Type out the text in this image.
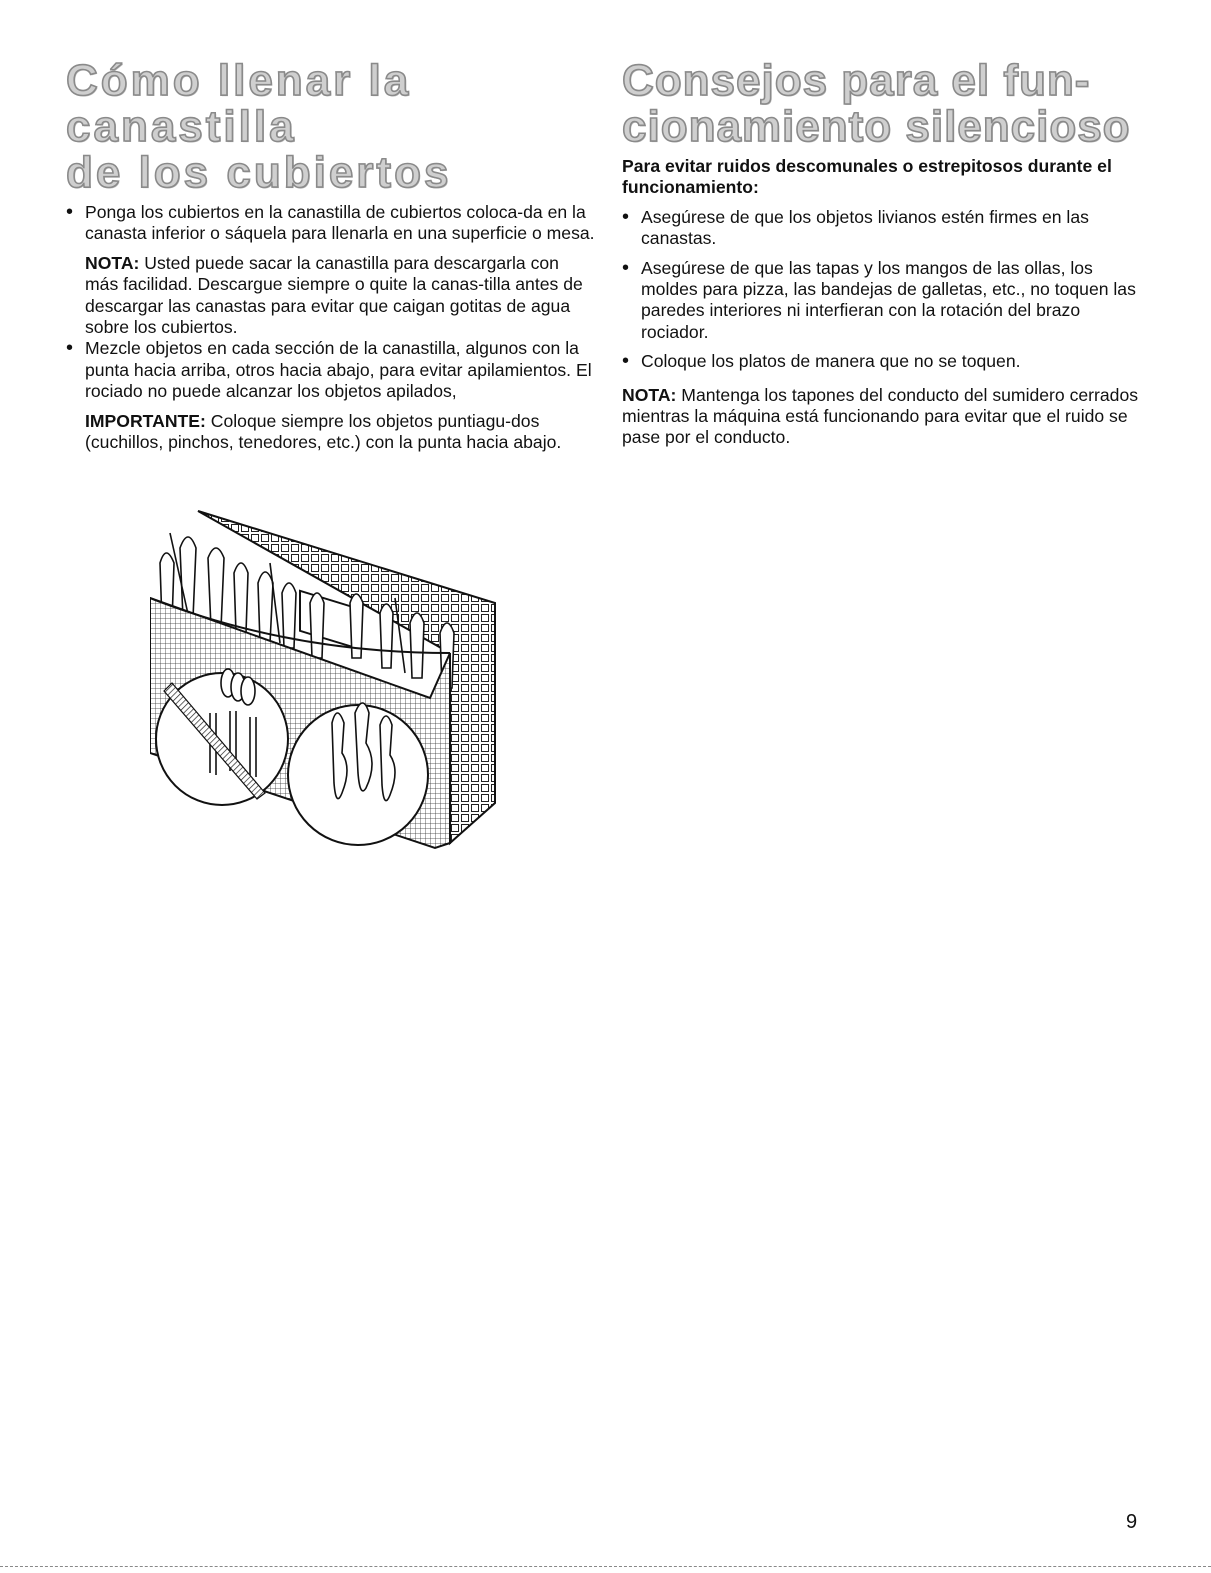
Cómo llenar la canastilla
de los cubiertos

• Ponga los cubiertos en la canastilla de cubiertos coloca-da en la canasta inferior o sáquela para llenarla en una superficie o mesa.

NOTA: Usted puede sacar la canastilla para descargarla con más facilidad. Descargue siempre o quite la canas-tilla antes de descargar las canastas para evitar que caigan gotitas de agua sobre los cubiertos.

• Mezcle objetos en cada sección de la canastilla, algunos con la punta hacia arriba, otros hacia abajo, para evitar apilamientos. El rociado no puede alcanzar los objetos apilados,

IMPORTANTE: Coloque siempre los objetos puntiagu-dos (cuchillos, pinchos, tenedores, etc.) con la punta hacia abajo.

Consejos para el fun-
cionamiento silencioso

Para evitar ruidos descomunales o estrepitosos durante el funcionamiento:

• Asegúrese de que los objetos livianos estén firmes en las canastas.

• Asegúrese de que las tapas y los mangos de las ollas, los moldes para pizza, las bandejas de galletas, etc., no toquen las paredes interiores ni interfieran con la rotación del brazo rociador.

• Coloque los platos de manera que no se toquen.

NOTA: Mantenga los tapones del conducto del sumidero cerrados mientras la máquina está funcionando para evitar que el ruido se pase por el conducto.

9
